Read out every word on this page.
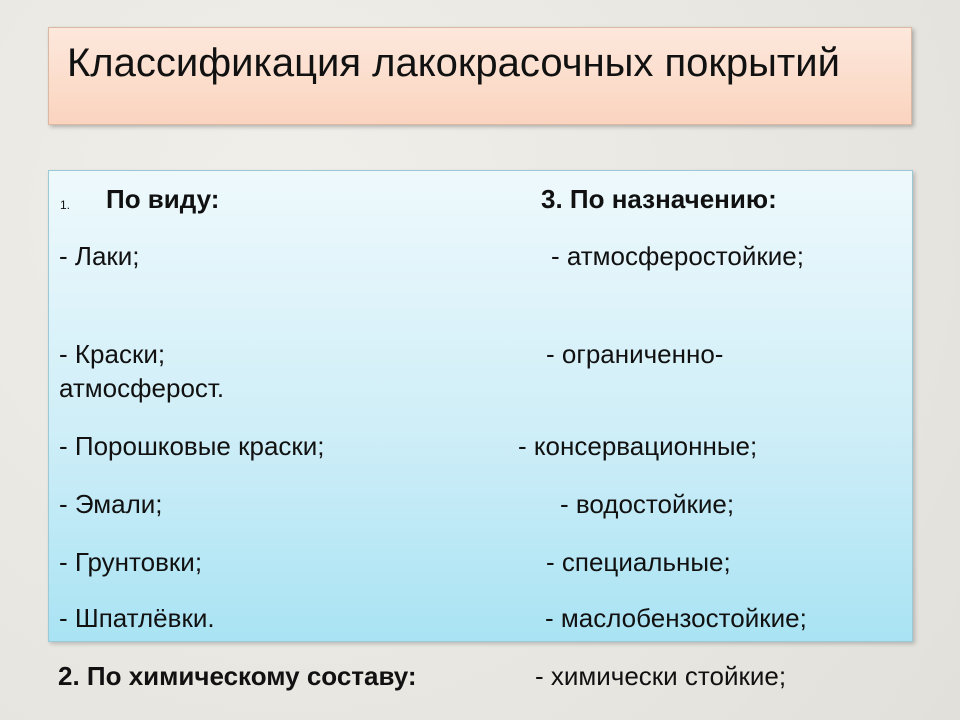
Классификация лакокрасочных покрытий
1. По виду:	3. По назначению:
- Лаки;
- Краски;
- Порошковые краски;
- Эмали;
- Грунтовки;
- Шпатлёвки.
- атмосферостойкие;
- ограниченно-
атмосфероcт.
- консервационные;
- водостойкие;
- специальные;
- маслобензостойкие;
2. По химическому составу:	- химически стойкие;
